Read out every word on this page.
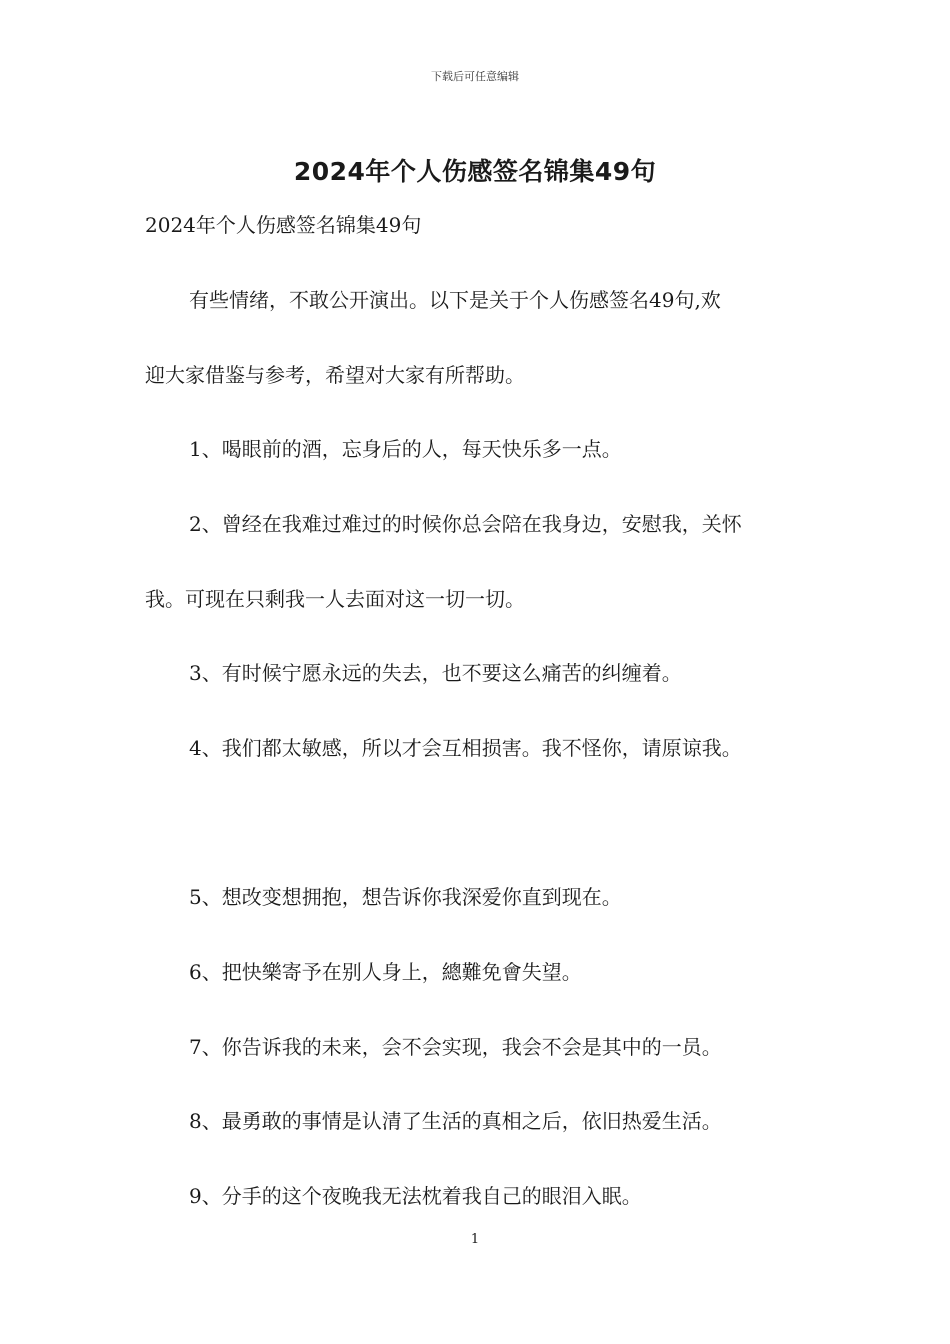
下载后可任意编辑
2024年个人伤感签名锦集49句
2024年个人伤感签名锦集49句
有些情绪，不敢公开演出。以下是关于个人伤感签名49句,欢
迎大家借鉴与参考，希望对大家有所帮助。
1、喝眼前的酒，忘身后的人，每天快乐多一点。
2、曾经在我难过难过的时候你总会陪在我身边，安慰我，关怀
我。可现在只剩我一人去面对这一切一切。
3、有时候宁愿永远的失去，也不要这么痛苦的纠缠着。
4、我们都太敏感，所以才会互相损害。我不怪你，请原谅我。
5、想改变想拥抱，想告诉你我深爱你直到现在。
6、把快樂寄予在别人身上，總難免會失望。
7、你告诉我的未来，会不会实现，我会不会是其中的一员。
8、最勇敢的事情是认清了生活的真相之后，依旧热爱生活。
9、分手的这个夜晚我无法枕着我自己的眼泪入眠。
1
